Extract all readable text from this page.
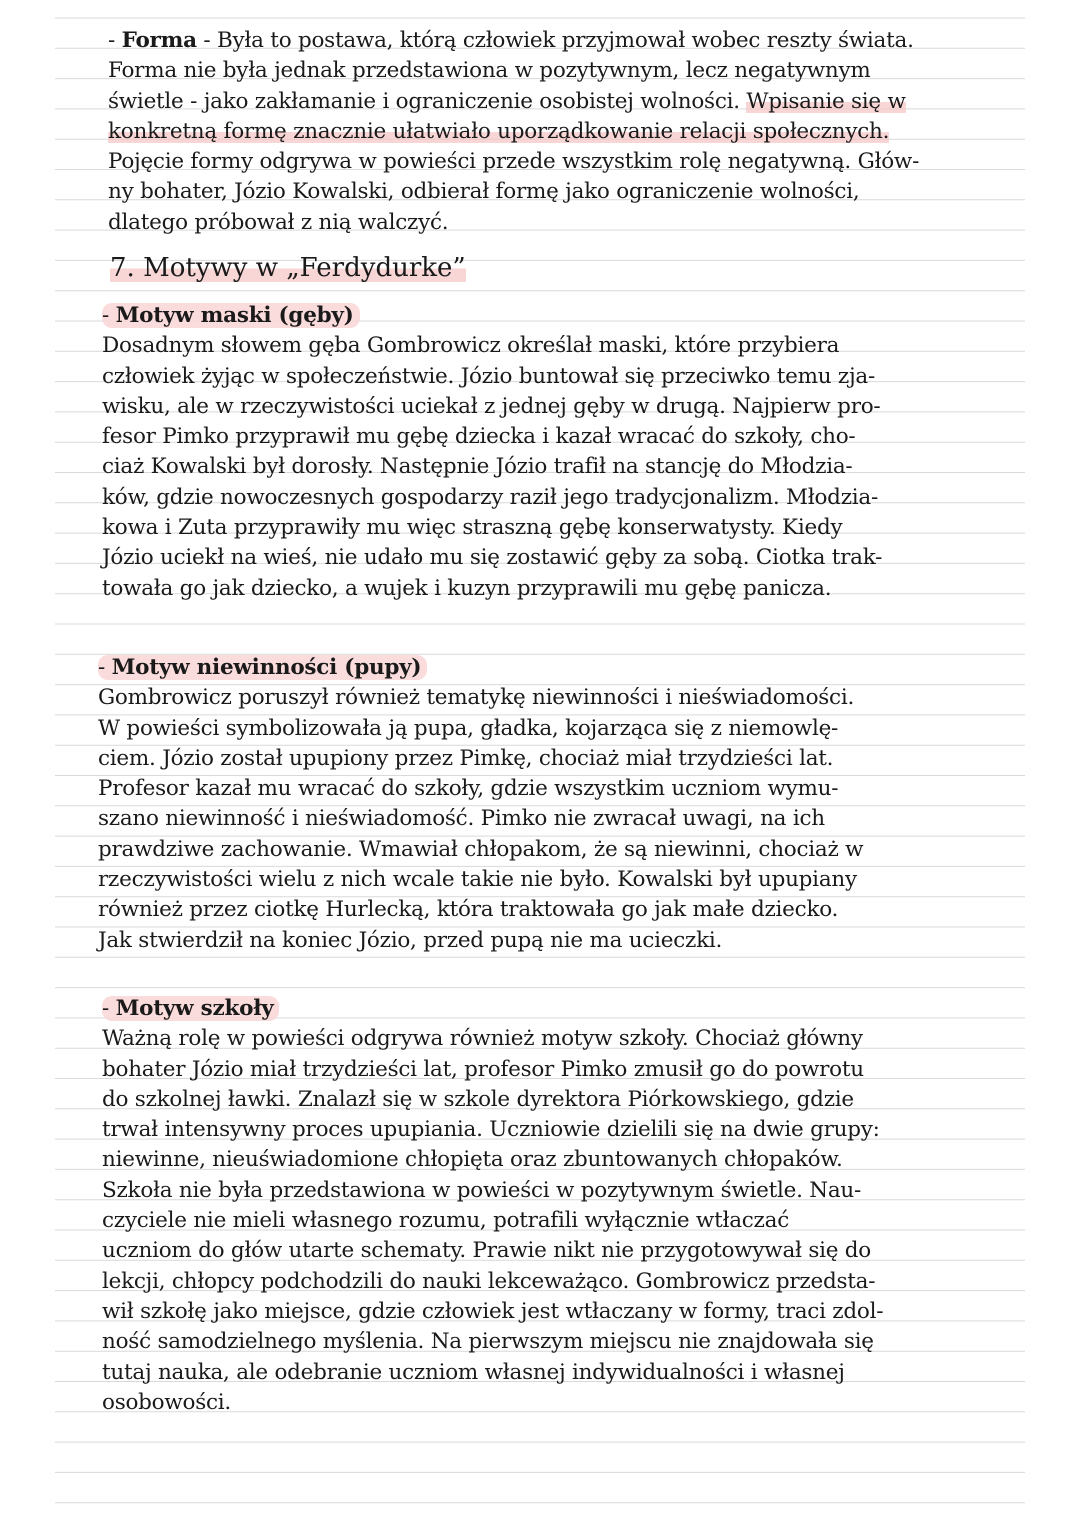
- Forma - Była to postawa, którą człowiek przyjmował wobec reszty świata.
Forma nie była jednak przedstawiona w pozytywnym, lecz negatywnym
świetle - jako zakłamanie i ograniczenie osobistej wolności. Wpisanie się w
konkretną formę znacznie ułatwiało uporządkowanie relacji społecznych.
Pojęcie formy odgrywa w powieści przede wszystkim rolę negatywną. Głów-
ny bohater, Józio Kowalski, odbierał formę jako ograniczenie wolności,
dlatego próbował z nią walczyć.
7. Motywy w „Ferdydurke”
- Motyw maski (gęby)
Dosadnym słowem gęba Gombrowicz określał maski, które przybiera
człowiek żyjąc w społeczeństwie. Józio buntował się przeciwko temu zja-
wisku, ale w rzeczywistości uciekał z jednej gęby w drugą. Najpierw pro-
fesor Pimko przyprawił mu gębę dziecka i kazał wracać do szkoły, cho-
ciaż Kowalski był dorosły. Następnie Józio trafił na stancję do Młodzia-
ków, gdzie nowoczesnych gospodarzy raził jego tradycjonalizm. Młodzia-
kowa i Zuta przyprawiły mu więc straszną gębę konserwatysty. Kiedy
Józio uciekł na wieś, nie udało mu się zostawić gęby za sobą. Ciotka trak-
towała go jak dziecko, a wujek i kuzyn przyprawili mu gębę panicza.
- Motyw niewinności (pupy)
Gombrowicz poruszył również tematykę niewinności i nieświadomości.
W powieści symbolizowała ją pupa, gładka, kojarząca się z niemowlę-
ciem. Józio został upupiony przez Pimkę, chociaż miał trzydzieści lat.
Profesor kazał mu wracać do szkoły, gdzie wszystkim uczniom wymu-
szano niewinność i nieświadomość. Pimko nie zwracał uwagi, na ich
prawdziwe zachowanie. Wmawiał chłopakom, że są niewinni, chociaż w
rzeczywistości wielu z nich wcale takie nie było. Kowalski był upupiany
również przez ciotkę Hurlecką, która traktowała go jak małe dziecko.
Jak stwierdził na koniec Józio, przed pupą nie ma ucieczki.
- Motyw szkoły
Ważną rolę w powieści odgrywa również motyw szkoły. Chociaż główny
bohater Józio miał trzydzieści lat, profesor Pimko zmusił go do powrotu
do szkolnej ławki. Znalazł się w szkole dyrektora Piórkowskiego, gdzie
trwał intensywny proces upupiania. Uczniowie dzielili się na dwie grupy:
niewinne, nieuświadomione chłopięta oraz zbuntowanych chłopaków.
Szkoła nie była przedstawiona w powieści w pozytywnym świetle. Nau-
czyciele nie mieli własnego rozumu, potrafili wyłącznie wtłaczać
uczniom do głów utarte schematy. Prawie nikt nie przygotowywał się do
lekcji, chłopcy podchodzili do nauki lekceważąco. Gombrowicz przedsta-
wił szkołę jako miejsce, gdzie człowiek jest wtłaczany w formy, traci zdol-
ność samodzielnego myślenia. Na pierwszym miejscu nie znajdowała się
tutaj nauka, ale odebranie uczniom własnej indywidualności i własnej
osobowości.
